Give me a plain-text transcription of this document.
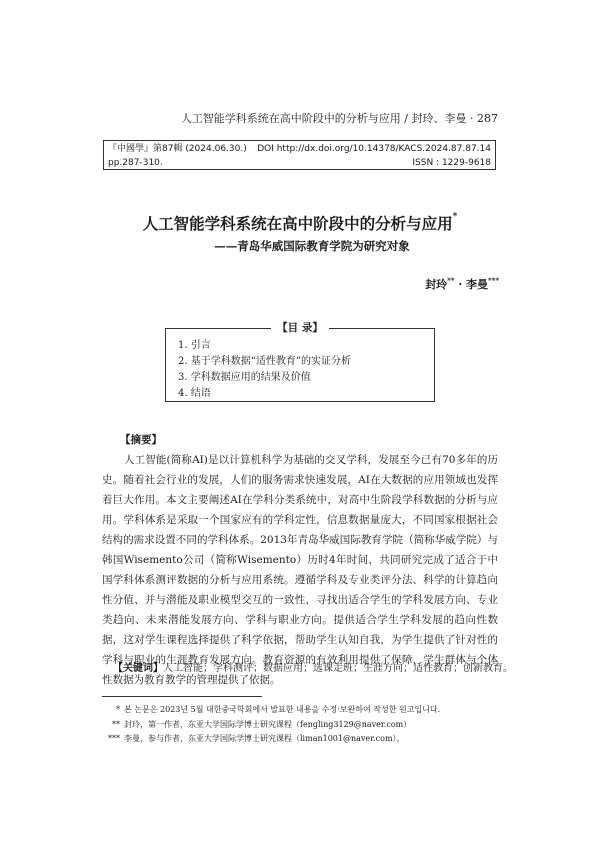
人工智能学科系统在高中阶段中的分析与应用 / 封玲、李曼 · 287
『中國學』第87輯 (2024.06.30.) DOI http://dx.doi.org/10.14378/KACS.2024.87.87.14
pp.287-310.	ISSN : 1229-9618
人工智能学科系统在高中阶段中的分析与应用*
——青岛华威国际教育学院为研究对象
封玲** · 李曼***
【目 录】
1. 引言
2. 基于学科数据“适性教育”的实证分析
3. 学科数据应用的结果及价值
4. 结语
【摘要】
人工智能(简称AI)是以计算机科学为基础的交叉学科，发展至今已有70多年的历史。随着社会行业的发展，人们的服务需求快速发展，AI在大数据的应用领域也发挥着巨大作用。本文主要阐述AI在学科分类系统中，对高中生阶段学科数据的分析与应用。学科体系是采取一个国家应有的学科定性，信息数据量庞大，不同国家根据社会结构的需求设置不同的学科体系。2013年青岛华威国际教育学院（简称华威学院）与韩国Wisemento公司（简称Wisemento）历时4年时间，共同研究完成了适合于中国学科体系测评数据的分析与应用系统。遵循学科及专业类评分法、科学的计算趋向性分值、并与潜能及职业模型交互的一致性，寻找出适合学生的学科发展方向、专业类趋向、未来潜能发展方向、学科与职业方向。提供适合学生学科发展的趋向性数据，这对学生课程选择提供了科学依据，帮助学生认知自我，为学生提供了针对性的学科与职业的生涯教育发展方向。教育资源的有效利用提供了保障，学生群体与个体性数据为教育教学的管理提供了依据。
【关键词】人工智能；学科测评；数据应用；选课走班；生涯方向；适性教育；创新教育。
* 본 논문은 2023년 5월 대한중국학회에서 발표한 내용을 수정·보완하여 작성한 원고입니다.
** 封玲，第一作者，东亚大学国际学博士研究课程（fengling3129@naver.com）
*** 李曼，参与作者，东亚大学国际学博士研究课程（liman1001@naver.com）。
